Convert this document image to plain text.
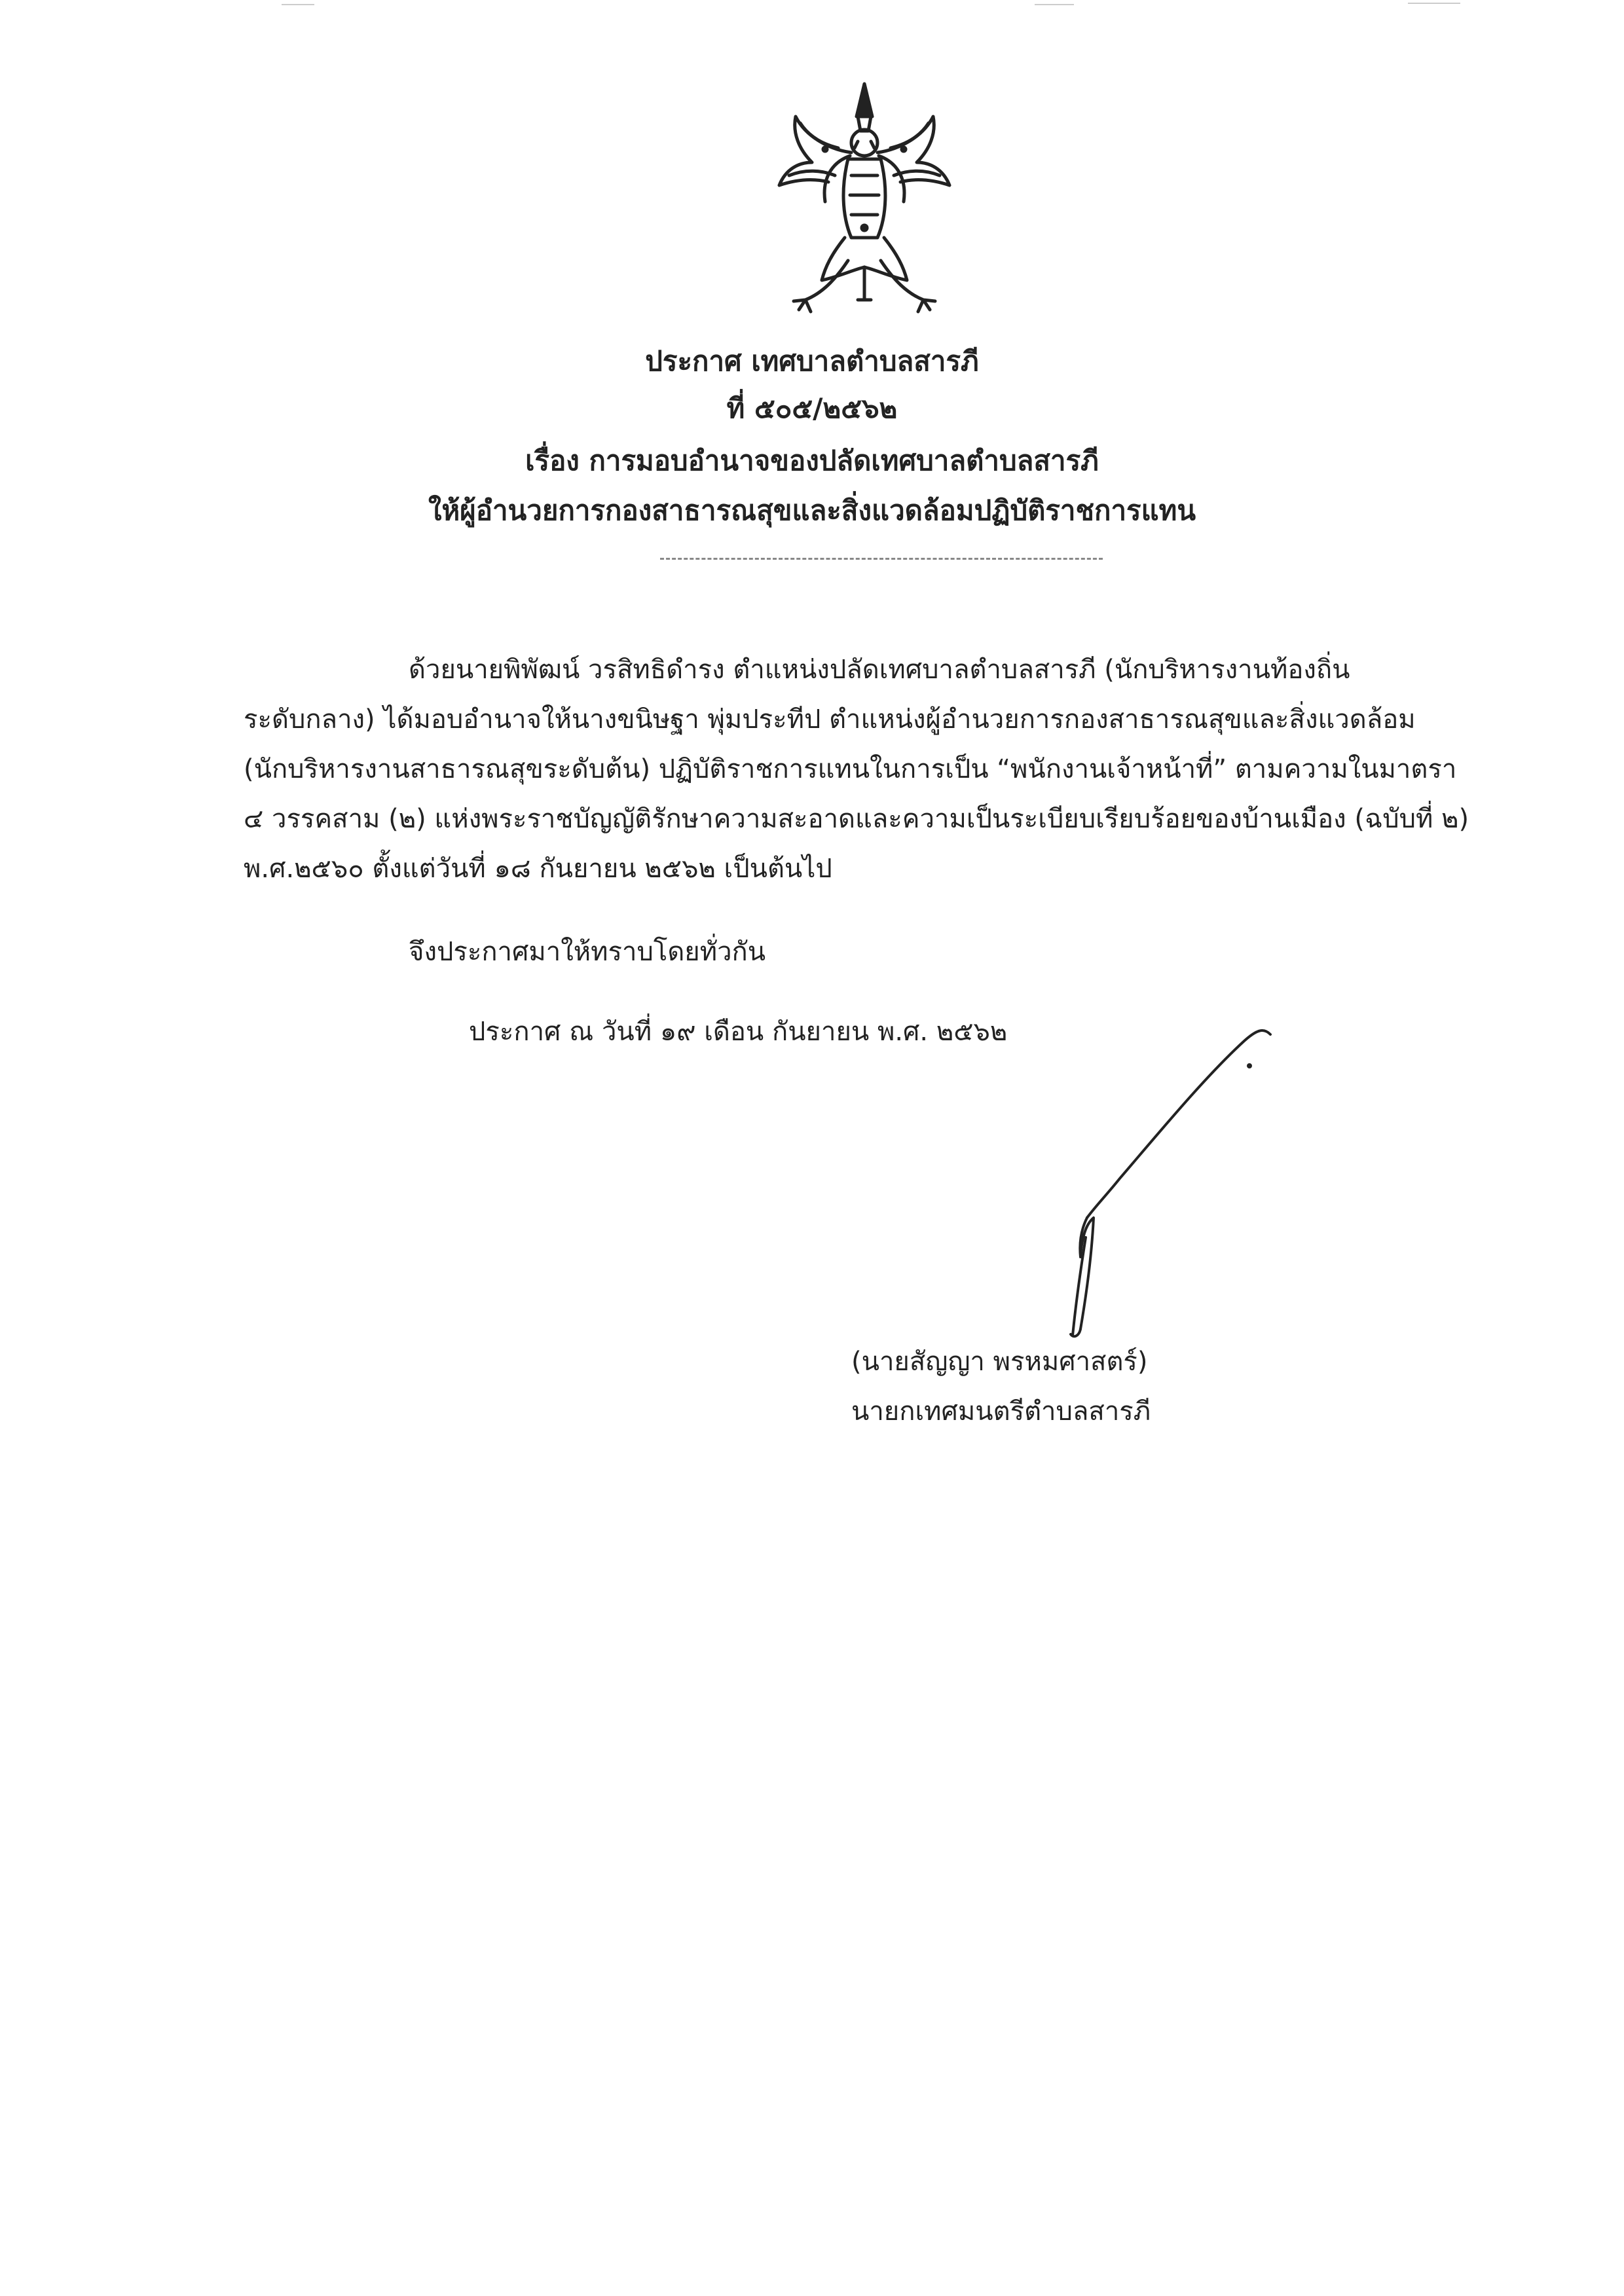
ประกาศ เทศบาลตำบลสารภี
ที่ ๕๐๕/๒๕๖๒
เรื่อง การมอบอำนาจของปลัดเทศบาลตำบลสารภี
ให้ผู้อำนวยการกองสาธารณสุขและสิ่งแวดล้อมปฏิบัติราชการแทน
ด้วยนายพิพัฒน์ วรสิทธิดำรง ตำแหน่งปลัดเทศบาลตำบลสารภี (นักบริหารงานท้องถิ่น
ระดับกลาง) ได้มอบอำนาจให้นางขนิษฐา พุ่มประทีป ตำแหน่งผู้อำนวยการกองสาธารณสุขและสิ่งแวดล้อม
(นักบริหารงานสาธารณสุขระดับต้น) ปฏิบัติราชการแทนในการเป็น “พนักงานเจ้าหน้าที่” ตามความในมาตรา
๔ วรรคสาม (๒) แห่งพระราชบัญญัติรักษาความสะอาดและความเป็นระเบียบเรียบร้อยของบ้านเมือง (ฉบับที่ ๒)
พ.ศ.๒๕๖๐ ตั้งแต่วันที่ ๑๘ กันยายน ๒๕๖๒ เป็นต้นไป
จึงประกาศมาให้ทราบโดยทั่วกัน
ประกาศ ณ วันที่ ๑๙ เดือน กันยายน พ.ศ. ๒๕๖๒
(นายสัญญา พรหมศาสตร์)
นายกเทศมนตรีตำบลสารภี
